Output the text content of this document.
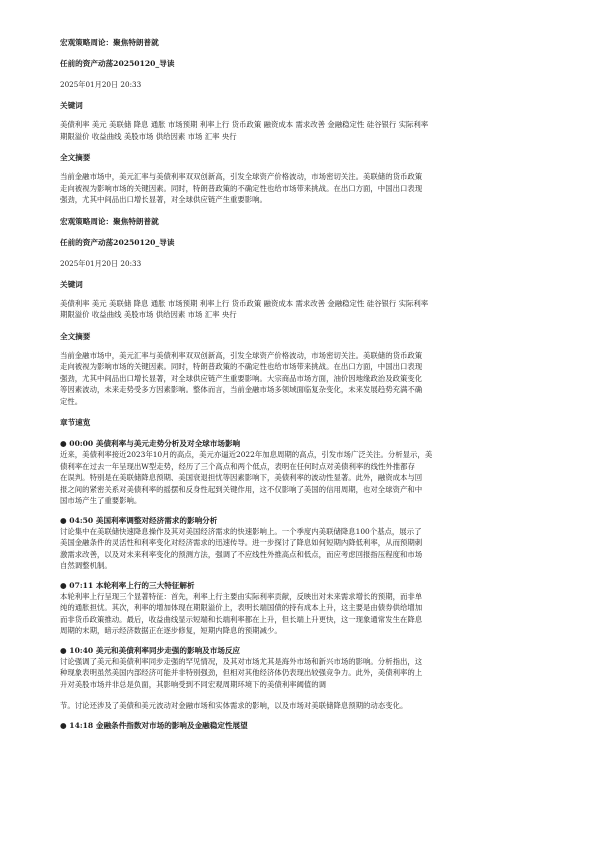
宏观策略周论：聚焦特朗普就
任前的资产动荡20250120_导读
2025年01月20日 20:33
关键词
美债利率 美元 美联储 降息 通胀 市场预期 利率上行 货币政策 融资成本 需求改善 金融稳定性 硅谷银行 实际利率
期限溢价 收益曲线 美股市场 供给因素 市场 汇率 央行
全文摘要
当前金融市场中，美元汇率与美债利率双双创新高，引发全球资产价格波动，市场密切关注。美联储的货币政策
走向被视为影响市场的关键因素。同时，特朗普政策的不确定性也给市场带来挑战。在出口方面，中国出口表现
强劲，尤其中间品出口增长显著，对全球供应链产生重要影响。
宏观策略周论：聚焦特朗普就
任前的资产动荡20250120_导读
2025年01月20日 20:33
关键词
美债利率 美元 美联储 降息 通胀 市场预期 利率上行 货币政策 融资成本 需求改善 金融稳定性 硅谷银行 实际利率
期限溢价 收益曲线 美股市场 供给因素 市场 汇率 央行
全文摘要
当前金融市场中，美元汇率与美债利率双双创新高，引发全球资产价格波动，市场密切关注。美联储的货币政策
走向被视为影响市场的关键因素。同时，特朗普政策的不确定性也给市场带来挑战。在出口方面，中国出口表现
强劲，尤其中间品出口增长显著，对全球供应链产生重要影响。大宗商品市场方面，油价因地缘政治及政策变化
等因素波动，未来走势受多方因素影响。整体而言，当前金融市场多领域面临复杂变化，未来发展趋势充满不确
定性。
章节速览
● 00:00 美债利率与美元走势分析及对全球市场影响
近来，美债利率接近2023年10月的高点，美元亦逼近2022年加息周期的高点，引发市场广泛关注。分析显示，美
债利率在过去一年呈现出W型走势，经历了三个高点和两个低点，表明在任何时点对美债利率的线性外推都存
在误判。特别是在美联储降息预期、美国衰退担忧等因素影响下，美债利率的波动性显著。此外，融资成本与回
报之间的紧密关系对美债利率的摇摆和反身性起到关键作用，这不仅影响了美国的信用周期，也对全球资产和中
国市场产生了重要影响。
● 04:50 美国利率调整对经济需求的影响分析
讨论集中在美联储快速降息操作及其对美国经济需求的快速影响上。一个季度内美联储降息100个基点，展示了
美国金融条件的灵活性和利率变化对经济需求的迅速传导。进一步探讨了降息如何短期内降低利率，从而预期刺
激需求改善，以及对未来利率变化的预测方法，强调了不应线性外推高点和低点，而应考虑回报指压程度和市场
自然调整机制。
● 07:11 本轮利率上行的三大特征解析
本轮利率上行呈现三个显著特征：首先，利率上行主要由实际利率贡献，反映出对未来需求增长的预期，而非单
纯的通胀担忧。其次，利率的增加体现在期限溢价上，表明长端国债的持有成本上升，这主要是由债券供给增加
而非货币政策推动。最后，收益曲线显示短端和长端利率都在上升，但长端上升更快，这一现象通常发生在降息
周期的末期，暗示经济数据正在逐步修复，短期内降息的预期减少。
● 10:40 美元和美债利率同步走强的影响及市场反应
讨论强调了美元和美债利率同步走强的罕见情况，及其对市场尤其是海外市场和新兴市场的影响。分析指出，这
种现象表明虽然美国内部经济可能并非特别强劲，但相对其他经济体仍表现出较强竞争力。此外，美债利率的上
升对美股市场并非总是负面，其影响受到不同宏观周期环境下的美债利率阈值的调
节。讨论还涉及了美债和美元波动对金融市场和实体需求的影响，以及市场对美联储降息预期的动态变化。
● 14:18 金融条件指数对市场的影响及金融稳定性展望
